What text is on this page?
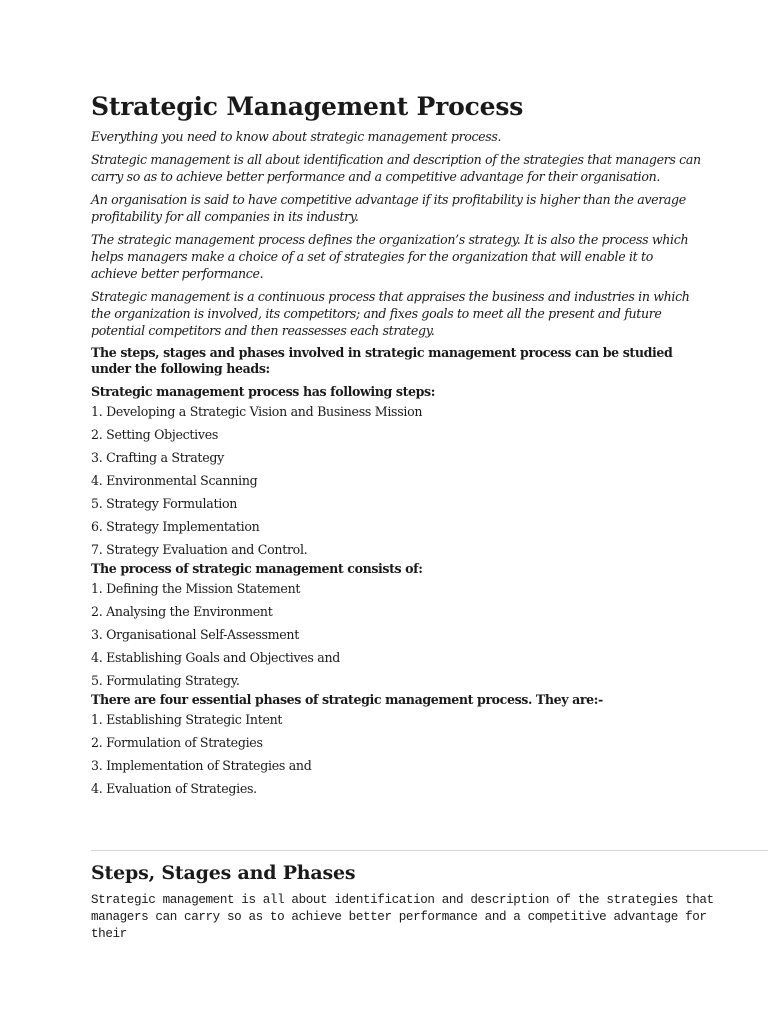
Strategic Management Process

Everything you need to know about strategic management process.

Strategic management is all about identification and description of the strategies that managers can carry so as to achieve better performance and a competitive advantage for their organisation.

An organisation is said to have competitive advantage if its profitability is higher than the average profitability for all companies in its industry.

The strategic management process defines the organization’s strategy. It is also the process which helps managers make a choice of a set of strategies for the organization that will enable it to achieve better performance.

Strategic management is a continuous process that appraises the business and industries in which the organization is involved, its competitors; and fixes goals to meet all the present and future potential competitors and then reassesses each strategy.

The steps, stages and phases involved in strategic management process can be studied under the following heads:

Strategic management process has following steps:

1. Developing a Strategic Vision and Business Mission
2. Setting Objectives
3. Crafting a Strategy
4. Environmental Scanning
5. Strategy Formulation
6. Strategy Implementation
7. Strategy Evaluation and Control.

The process of strategic management consists of:

1. Defining the Mission Statement
2. Analysing the Environment
3. Organisational Self-Assessment
4. Establishing Goals and Objectives and
5. Formulating Strategy.

There are four essential phases of strategic management process. They are:-

1. Establishing Strategic Intent
2. Formulation of Strategies
3. Implementation of Strategies and
4. Evaluation of Strategies.
Steps, Stages and Phases

Strategic management is all about identification and description of the strategies that managers can carry so as to achieve better performance and a competitive advantage for their
